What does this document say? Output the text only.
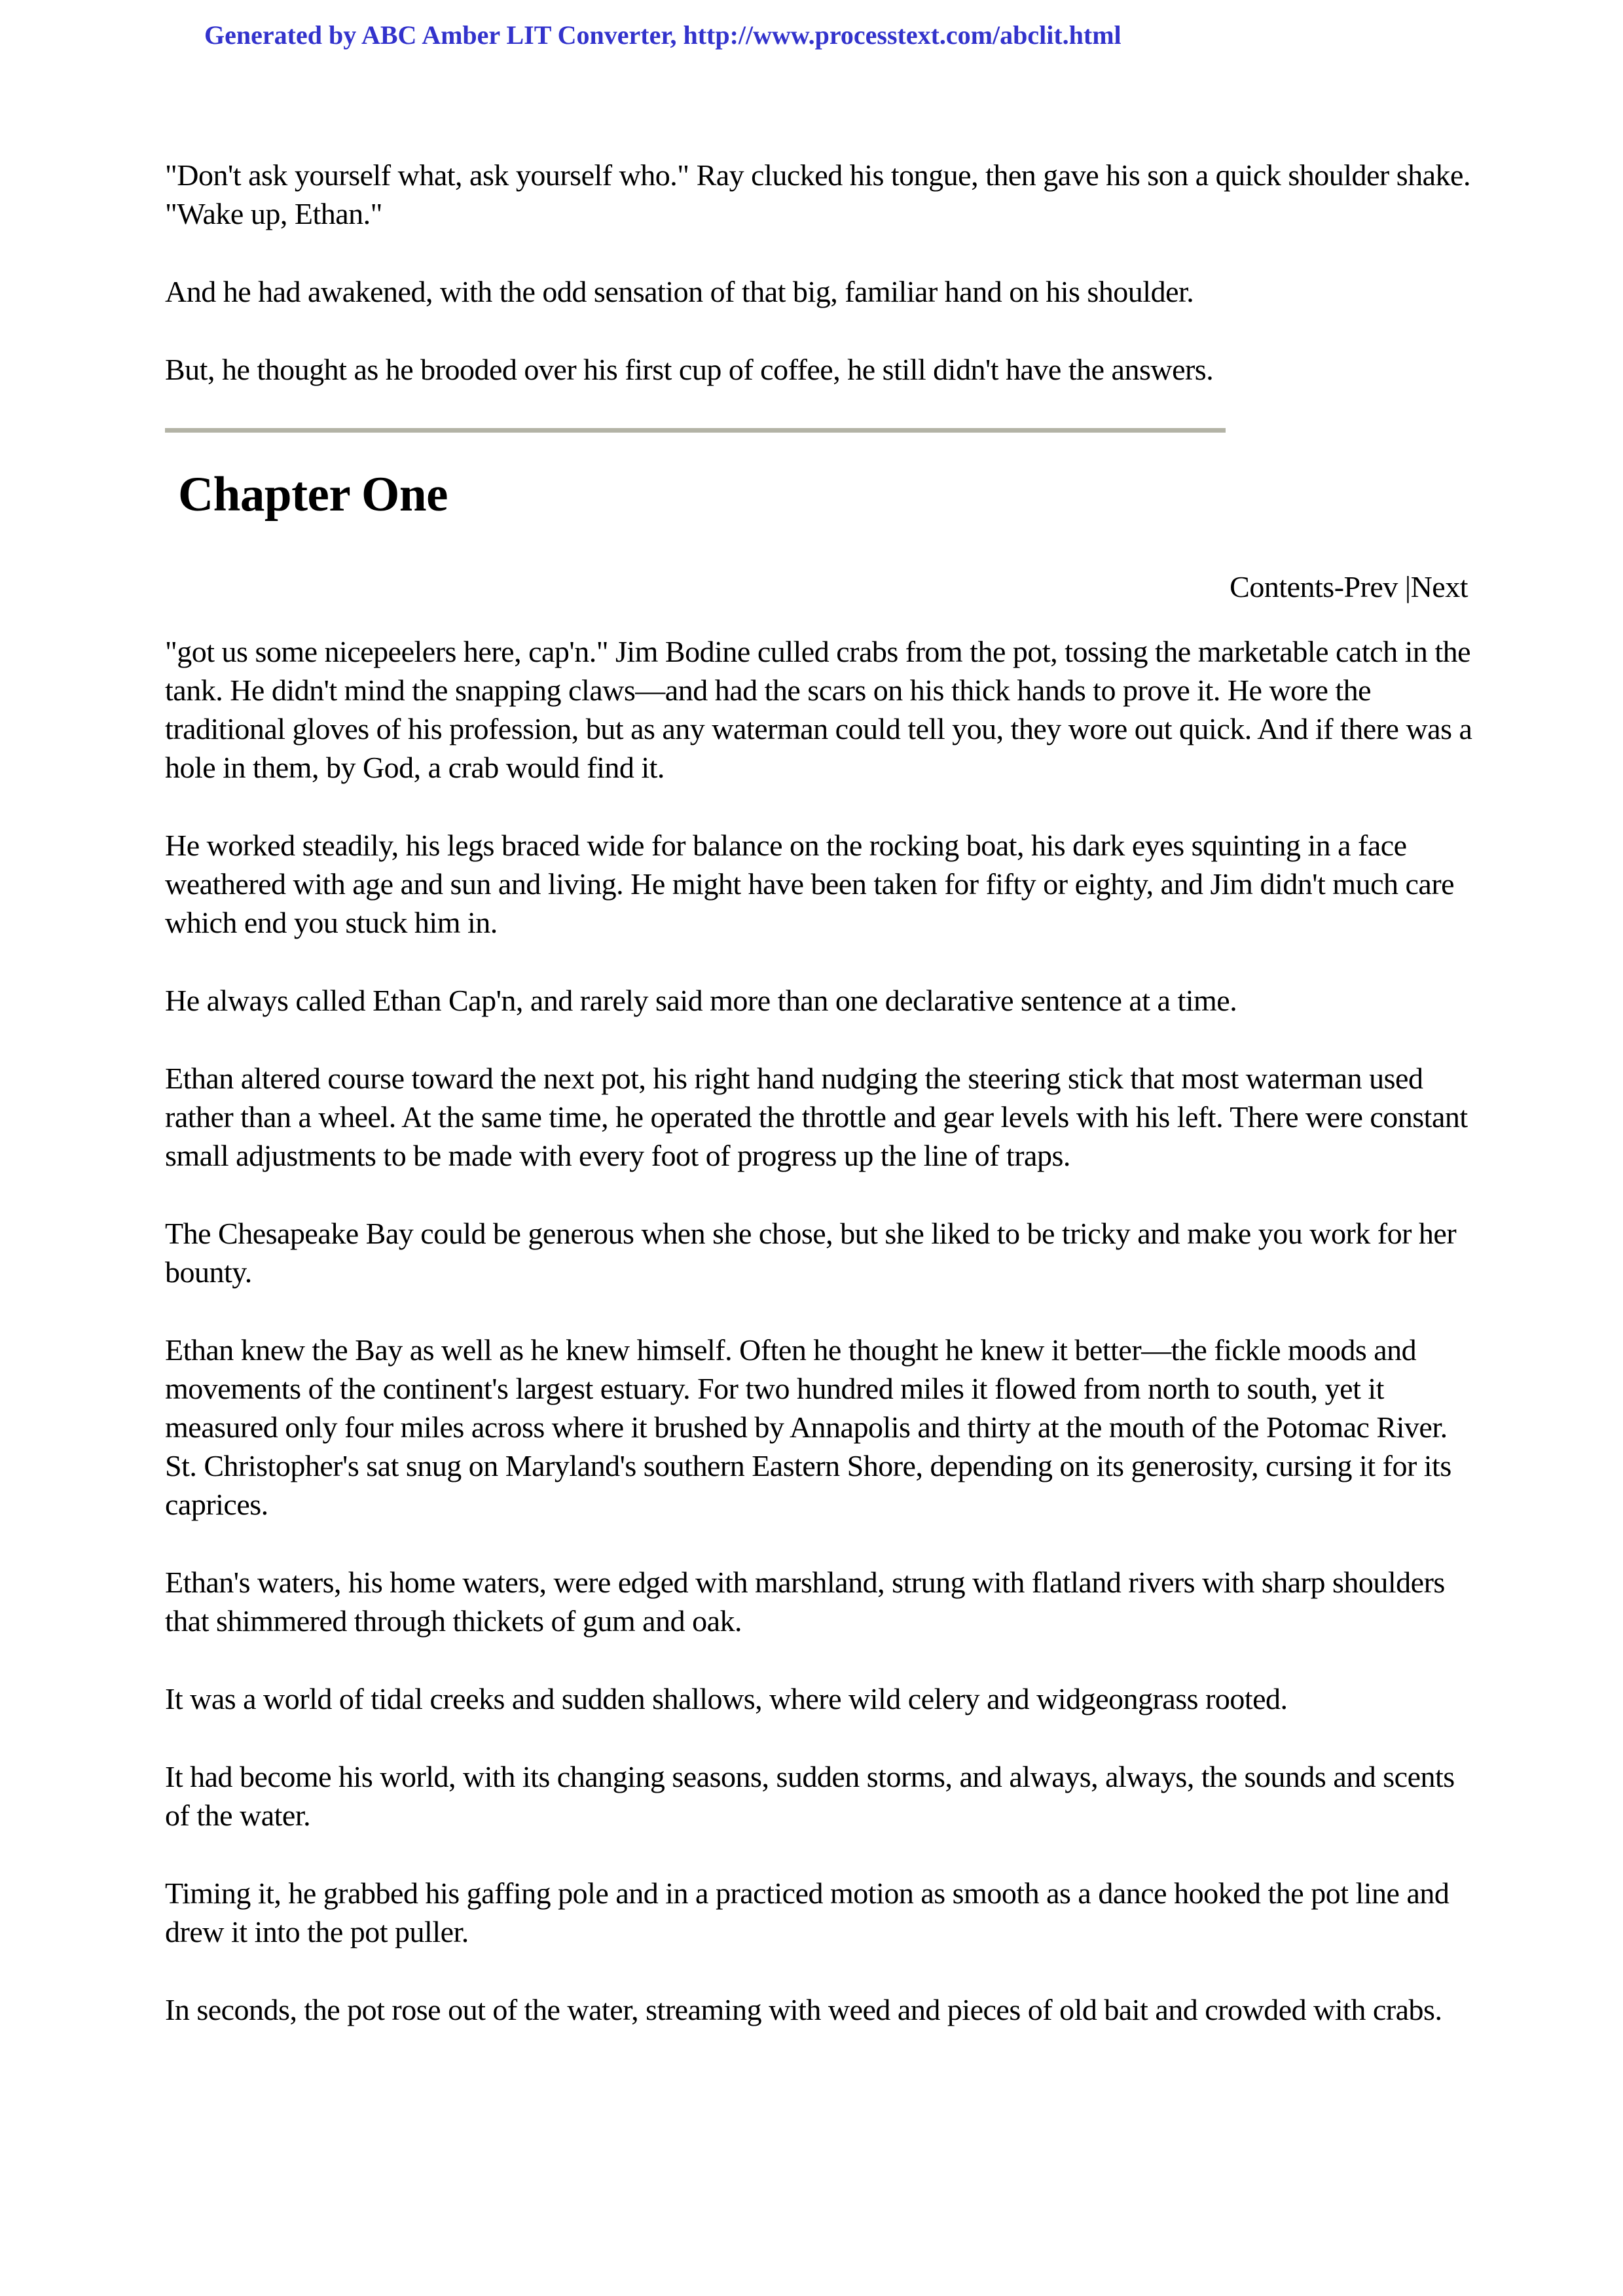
Generated by ABC Amber LIT Converter, http://www.processtext.com/abclit.html

"Don't ask yourself what, ask yourself who." Ray clucked his tongue, then gave his son a quick shoulder shake. "Wake up, Ethan."

And he had awakened, with the odd sensation of that big, familiar hand on his shoulder.

But, he thought as he brooded over his first cup of coffee, he still didn't have the answers.

Chapter One
Contents-Prev |Next

"got us some nicepeelers here, cap'n." Jim Bodine culled crabs from the pot, tossing the marketable catch in the tank. He didn't mind the snapping claws—and had the scars on his thick hands to prove it. He wore the traditional gloves of his profession, but as any waterman could tell you, they wore out quick. And if there was a hole in them, by God, a crab would find it.

He worked steadily, his legs braced wide for balance on the rocking boat, his dark eyes squinting in a face weathered with age and sun and living. He might have been taken for fifty or eighty, and Jim didn't much care which end you stuck him in.

He always called Ethan Cap'n, and rarely said more than one declarative sentence at a time.

Ethan altered course toward the next pot, his right hand nudging the steering stick that most waterman used rather than a wheel. At the same time, he operated the throttle and gear levels with his left. There were constant small adjustments to be made with every foot of progress up the line of traps.

The Chesapeake Bay could be generous when she chose, but she liked to be tricky and make you work for her bounty.

Ethan knew the Bay as well as he knew himself. Often he thought he knew it better—the fickle moods and movements of the continent's largest estuary. For two hundred miles it flowed from north to south, yet it measured only four miles across where it brushed by Annapolis and thirty at the mouth of the Potomac River. St. Christopher's sat snug on Maryland's southern Eastern Shore, depending on its generosity, cursing it for its caprices.

Ethan's waters, his home waters, were edged with marshland, strung with flatland rivers with sharp shoulders that shimmered through thickets of gum and oak.

It was a world of tidal creeks and sudden shallows, where wild celery and widgeongrass rooted.

It had become his world, with its changing seasons, sudden storms, and always, always, the sounds and scents of the water.

Timing it, he grabbed his gaffing pole and in a practiced motion as smooth as a dance hooked the pot line and drew it into the pot puller.

In seconds, the pot rose out of the water, streaming with weed and pieces of old bait and crowded with crabs.
